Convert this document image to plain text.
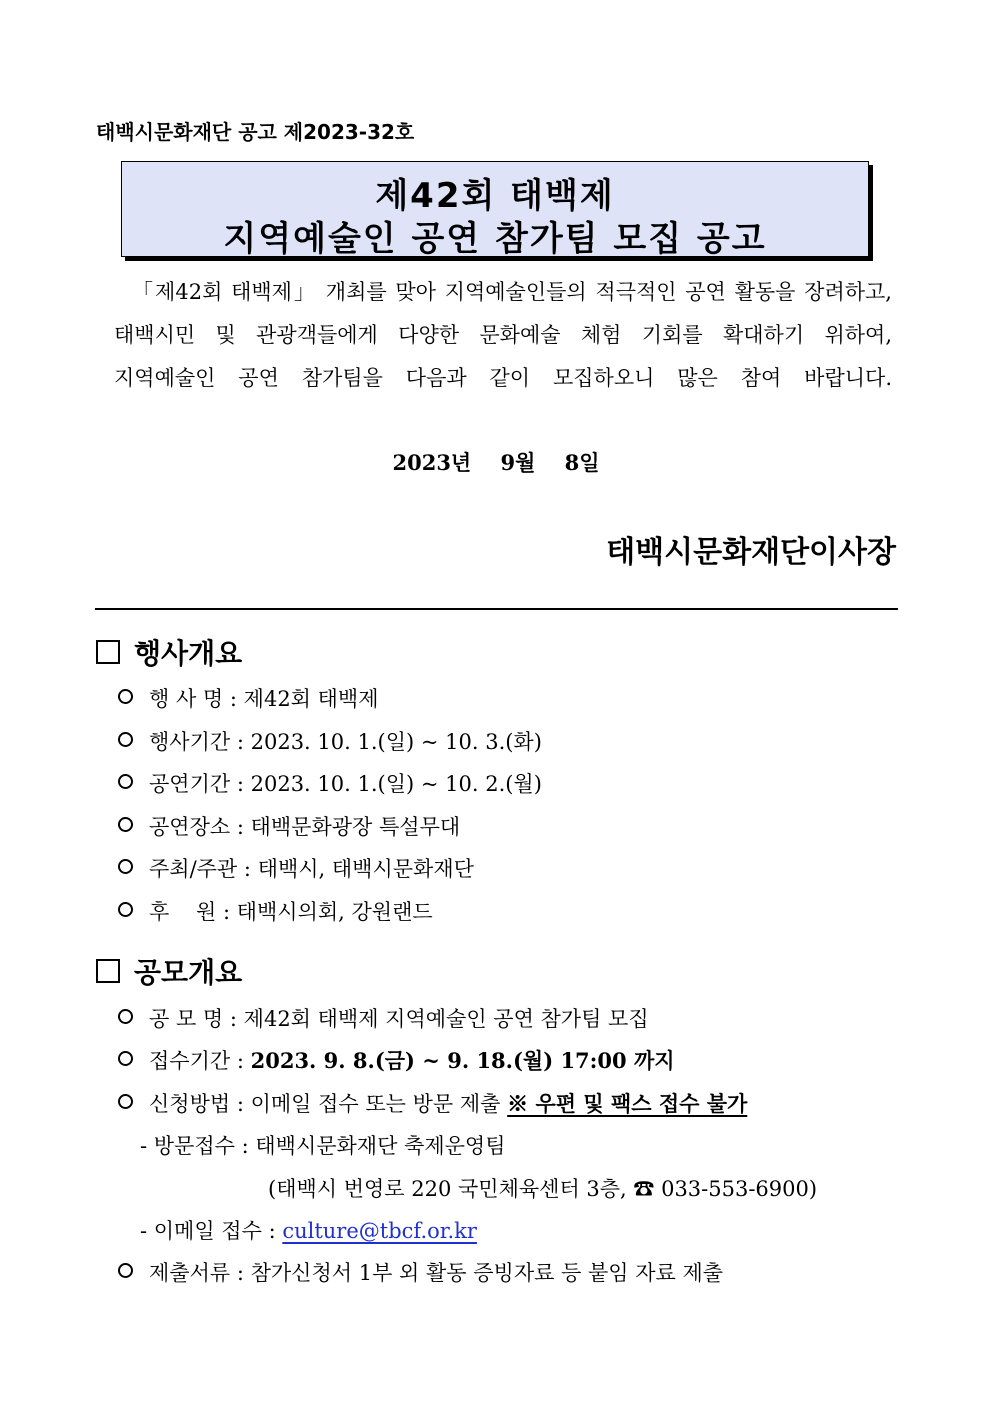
태백시문화재단 공고 제2023-32호
제42회 태백제
지역예술인 공연 참가팀 모집 공고
「제42회 태백제」 개최를 맞아 지역예술인들의 적극적인 공연 활동을 장려하고,
태백시민 및 관광객들에게 다양한 문화예술 체험 기회를 확대하기 위하여,
지역예술인 공연 참가팀을 다음과 같이 모집하오니 많은 참여 바랍니다.
2023년    9월    8일
태백시문화재단이사장
행사개요
행 사 명 : 제42회 태백제
행사기간 : 2023. 10. 1.(일) ~ 10. 3.(화)
공연기간 : 2023. 10. 1.(일) ~ 10. 2.(월)
공연장소 : 태백문화광장 특설무대
주최/주관 : 태백시, 태백시문화재단
후    원 : 태백시의회, 강원랜드
공모개요
공 모 명 : 제42회 태백제 지역예술인 공연 참가팀 모집
접수기간 : 2023. 9. 8.(금) ~ 9. 18.(월) 17:00 까지
신청방법 : 이메일 접수 또는 방문 제출 ※ 우편 및 팩스 접수 불가
- 방문접수 : 태백시문화재단 축제운영팀
(태백시 번영로 220 국민체육센터 3층, ☎ 033-553-6900)
- 이메일 접수 : culture@tbcf.or.kr
제출서류 : 참가신청서 1부 외 활동 증빙자료 등 붙임 자료 제출
